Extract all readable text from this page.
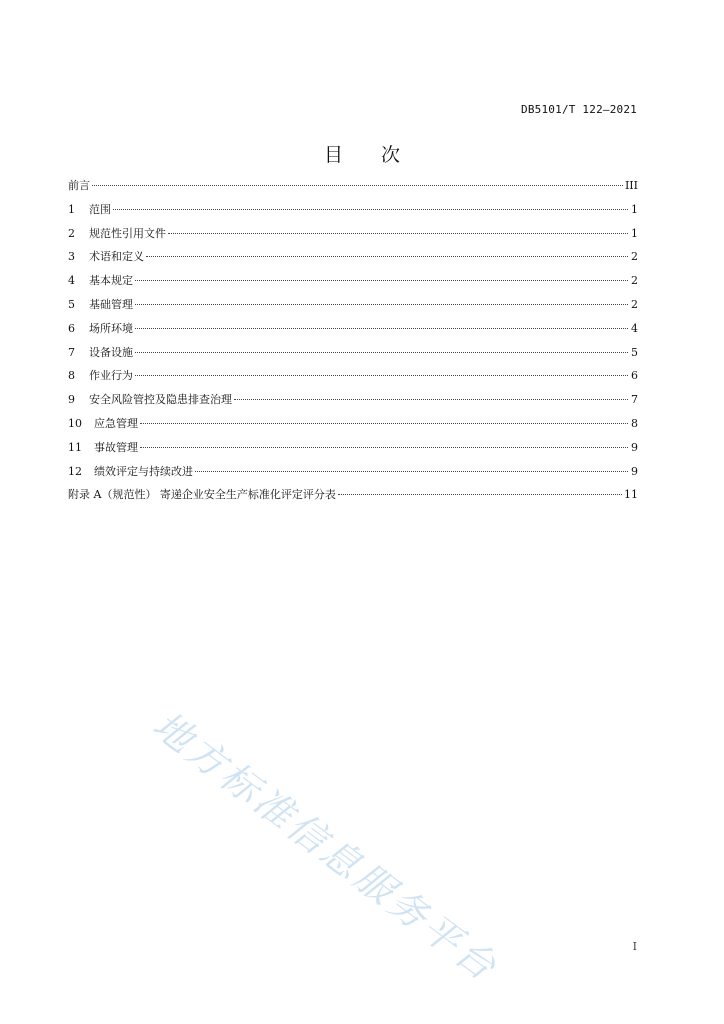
DB5101/T 122—2021
目次
前言	III
1 范围	1
2 规范性引用文件	1
3 术语和定义	2
4 基本规定	2
5 基础管理	2
6 场所环境	4
7 设备设施	5
8 作业行为	6
9 安全风险管控及隐患排查治理	7
10 应急管理	8
11 事故管理	9
12 绩效评定与持续改进	9
附录 A（规范性） 寄递企业安全生产标准化评定评分表	11
地方标准信息服务平台	I
